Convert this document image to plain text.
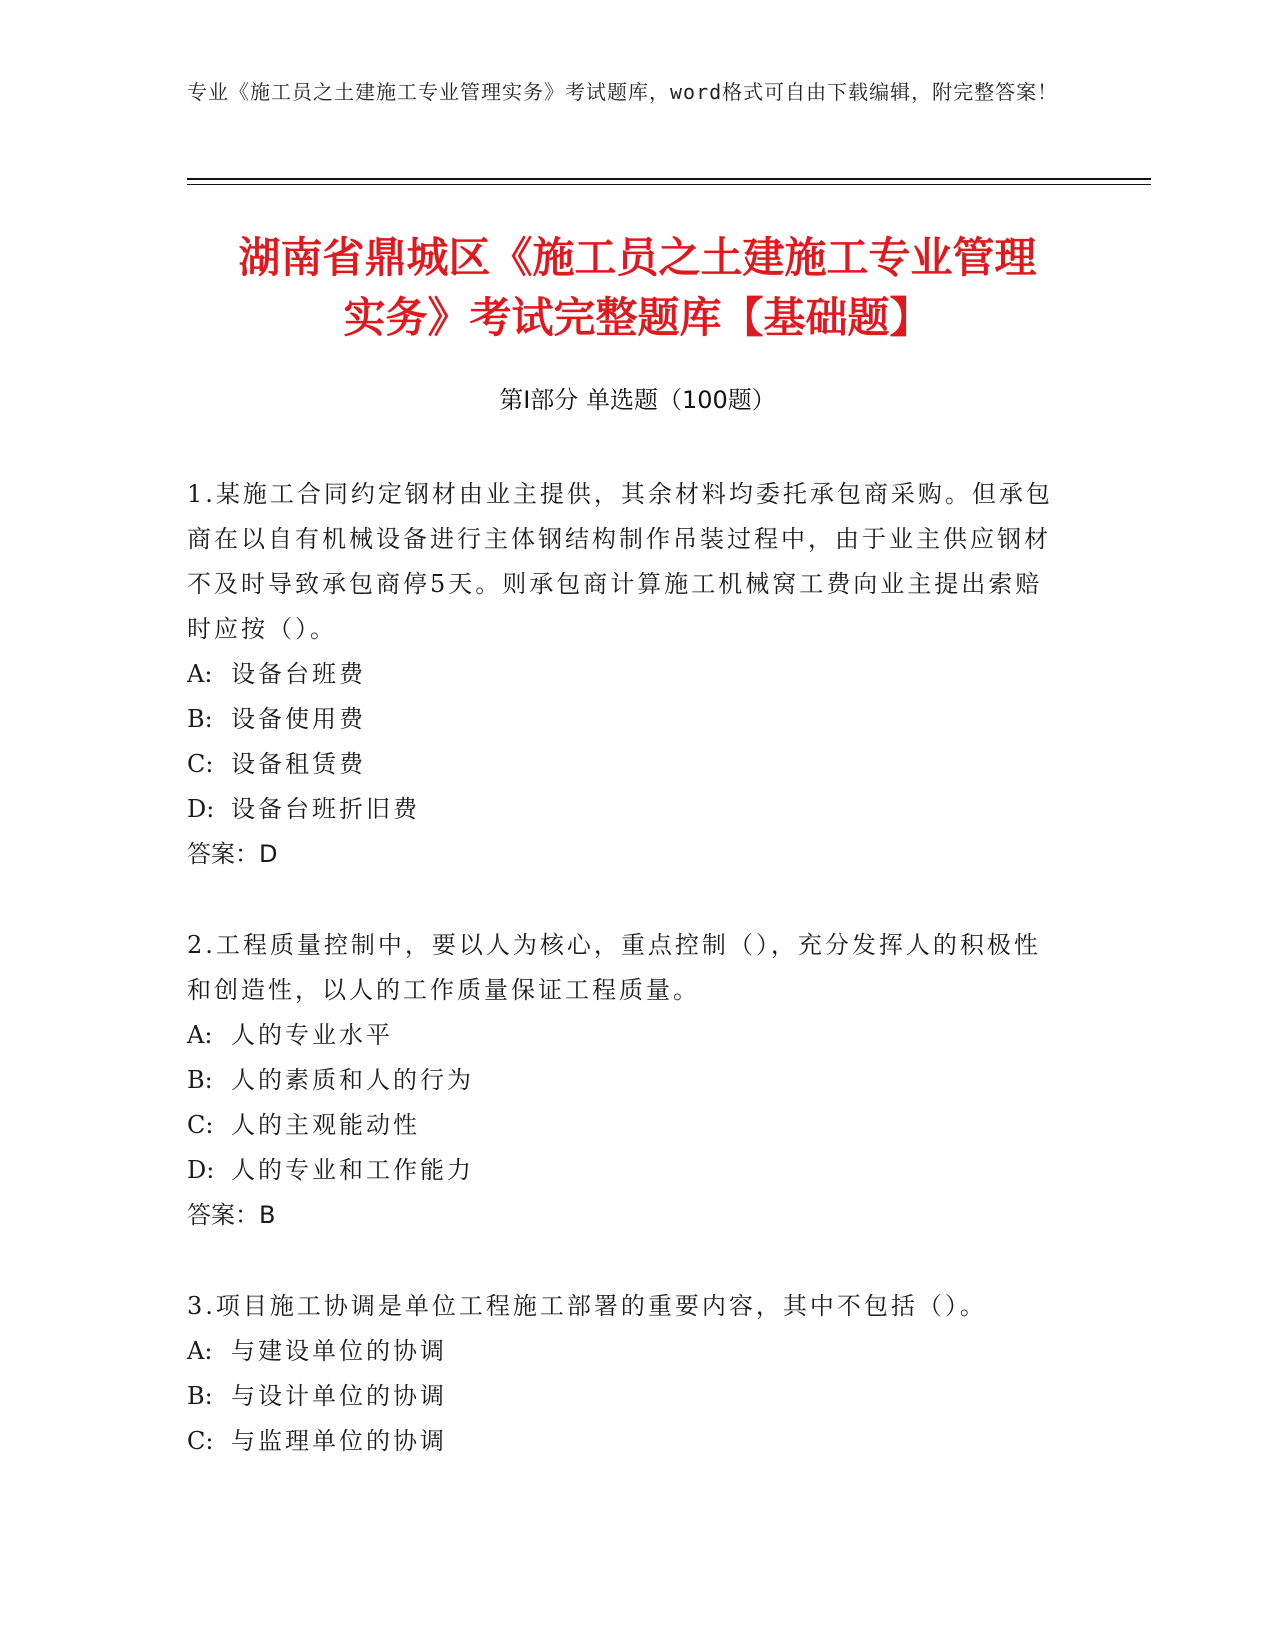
专业《施工员之土建施工专业管理实务》考试题库，word格式可自由下载编辑，附完整答案！
湖南省鼎城区《施工员之土建施工专业管理
实务》考试完整题库【基础题】
第Ⅰ部分 单选题（100题）

1.某施工合同约定钢材由业主提供，其余材料均委托承包商采购。但承包商在以自有机械设备进行主体钢结构制作吊装过程中，由于业主供应钢材不及时导致承包商停5天。则承包商计算施工机械窝工费向业主提出索赔时应按（）。

A: 设备台班费

B: 设备使用费

C: 设备租赁费

D: 设备台班折旧费

答案：D

2.工程质量控制中，要以人为核心，重点控制（），充分发挥人的积极性和创造性，以人的工作质量保证工程质量。

A: 人的专业水平

B: 人的素质和人的行为

C: 人的主观能动性

D: 人的专业和工作能力

答案：B

3.项目施工协调是单位工程施工部署的重要内容，其中不包括（）。

A: 与建设单位的协调

B: 与设计单位的协调

C: 与监理单位的协调
